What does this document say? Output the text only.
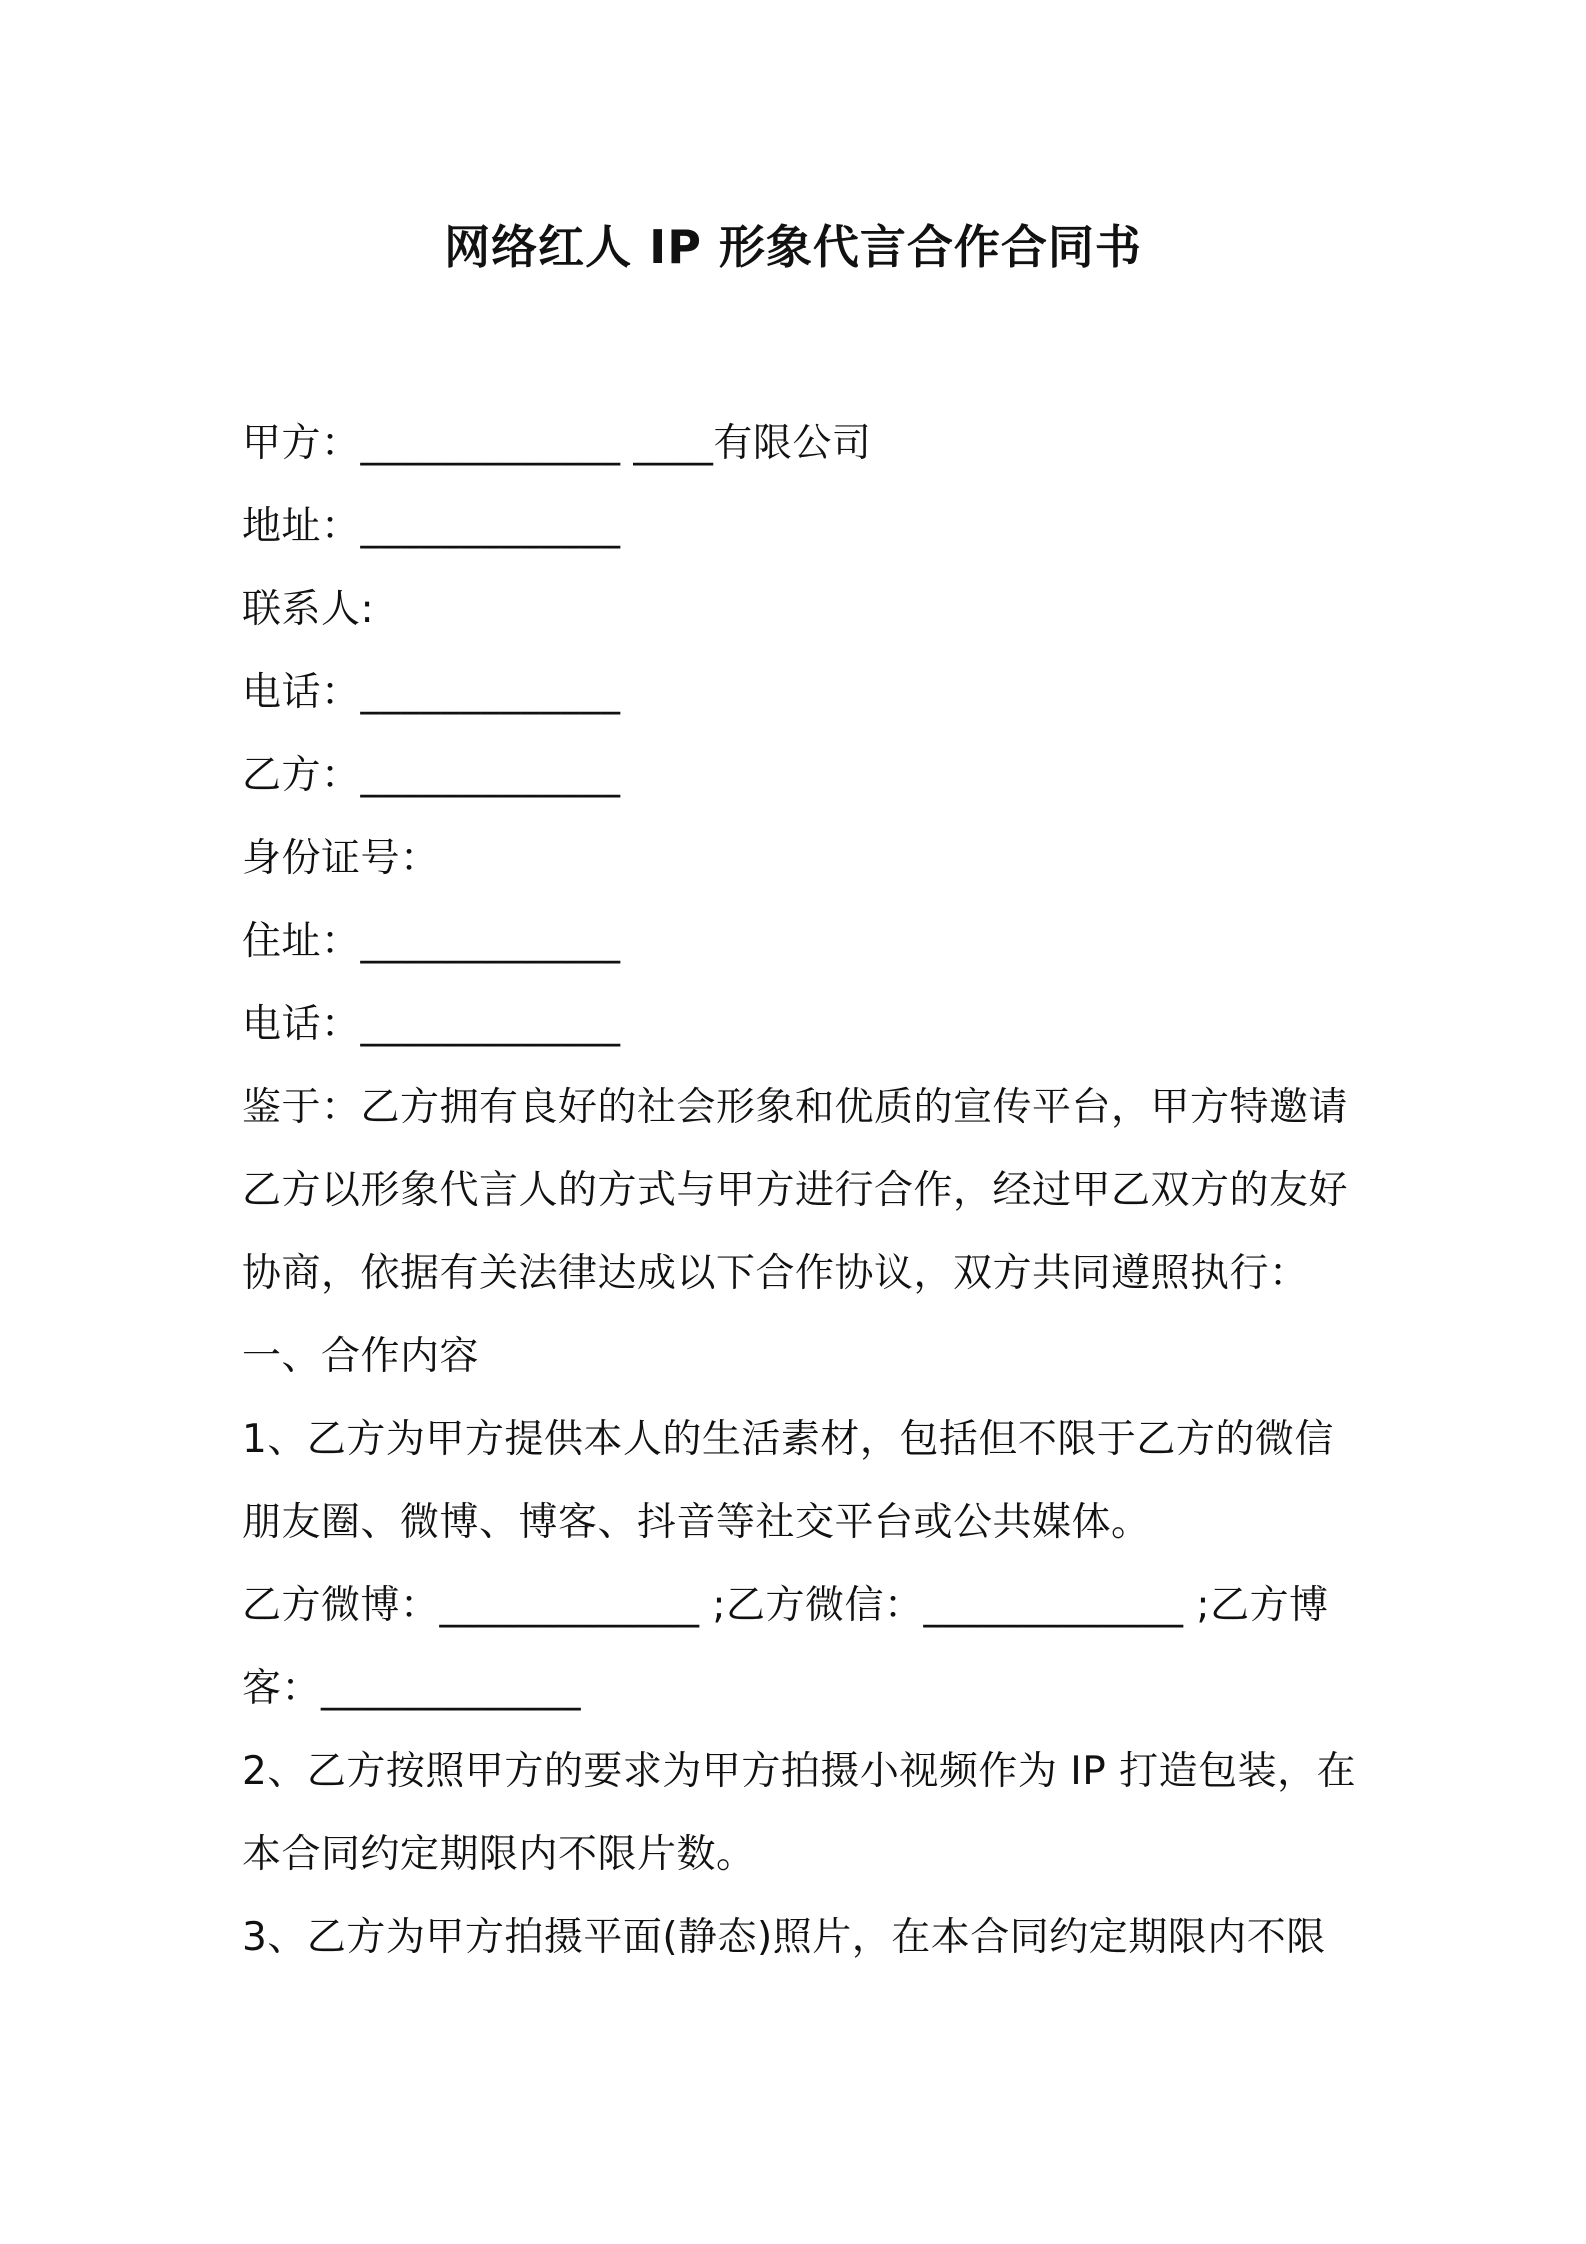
网络红人 IP 形象代言合作合同书

甲方：_____________ ____有限公司

地址：_____________

联系人:

电话：_____________

乙方：_____________

身份证号：

住址：_____________

电话：_____________

鉴于：乙方拥有良好的社会形象和优质的宣传平台，甲方特邀请

乙方以形象代言人的方式与甲方进行合作，经过甲乙双方的友好

协商，依据有关法律达成以下合作协议，双方共同遵照执行：

一、合作内容

1、乙方为甲方提供本人的生活素材，包括但不限于乙方的微信

朋友圈、微博、博客、抖音等社交平台或公共媒体。

乙方微博：_____________ ;乙方微信：_____________ ;乙方博

客：_____________

2、乙方按照甲方的要求为甲方拍摄小视频作为 IP 打造包装，在

本合同约定期限内不限片数。

3、乙方为甲方拍摄平面(静态)照片，在本合同约定期限内不限
